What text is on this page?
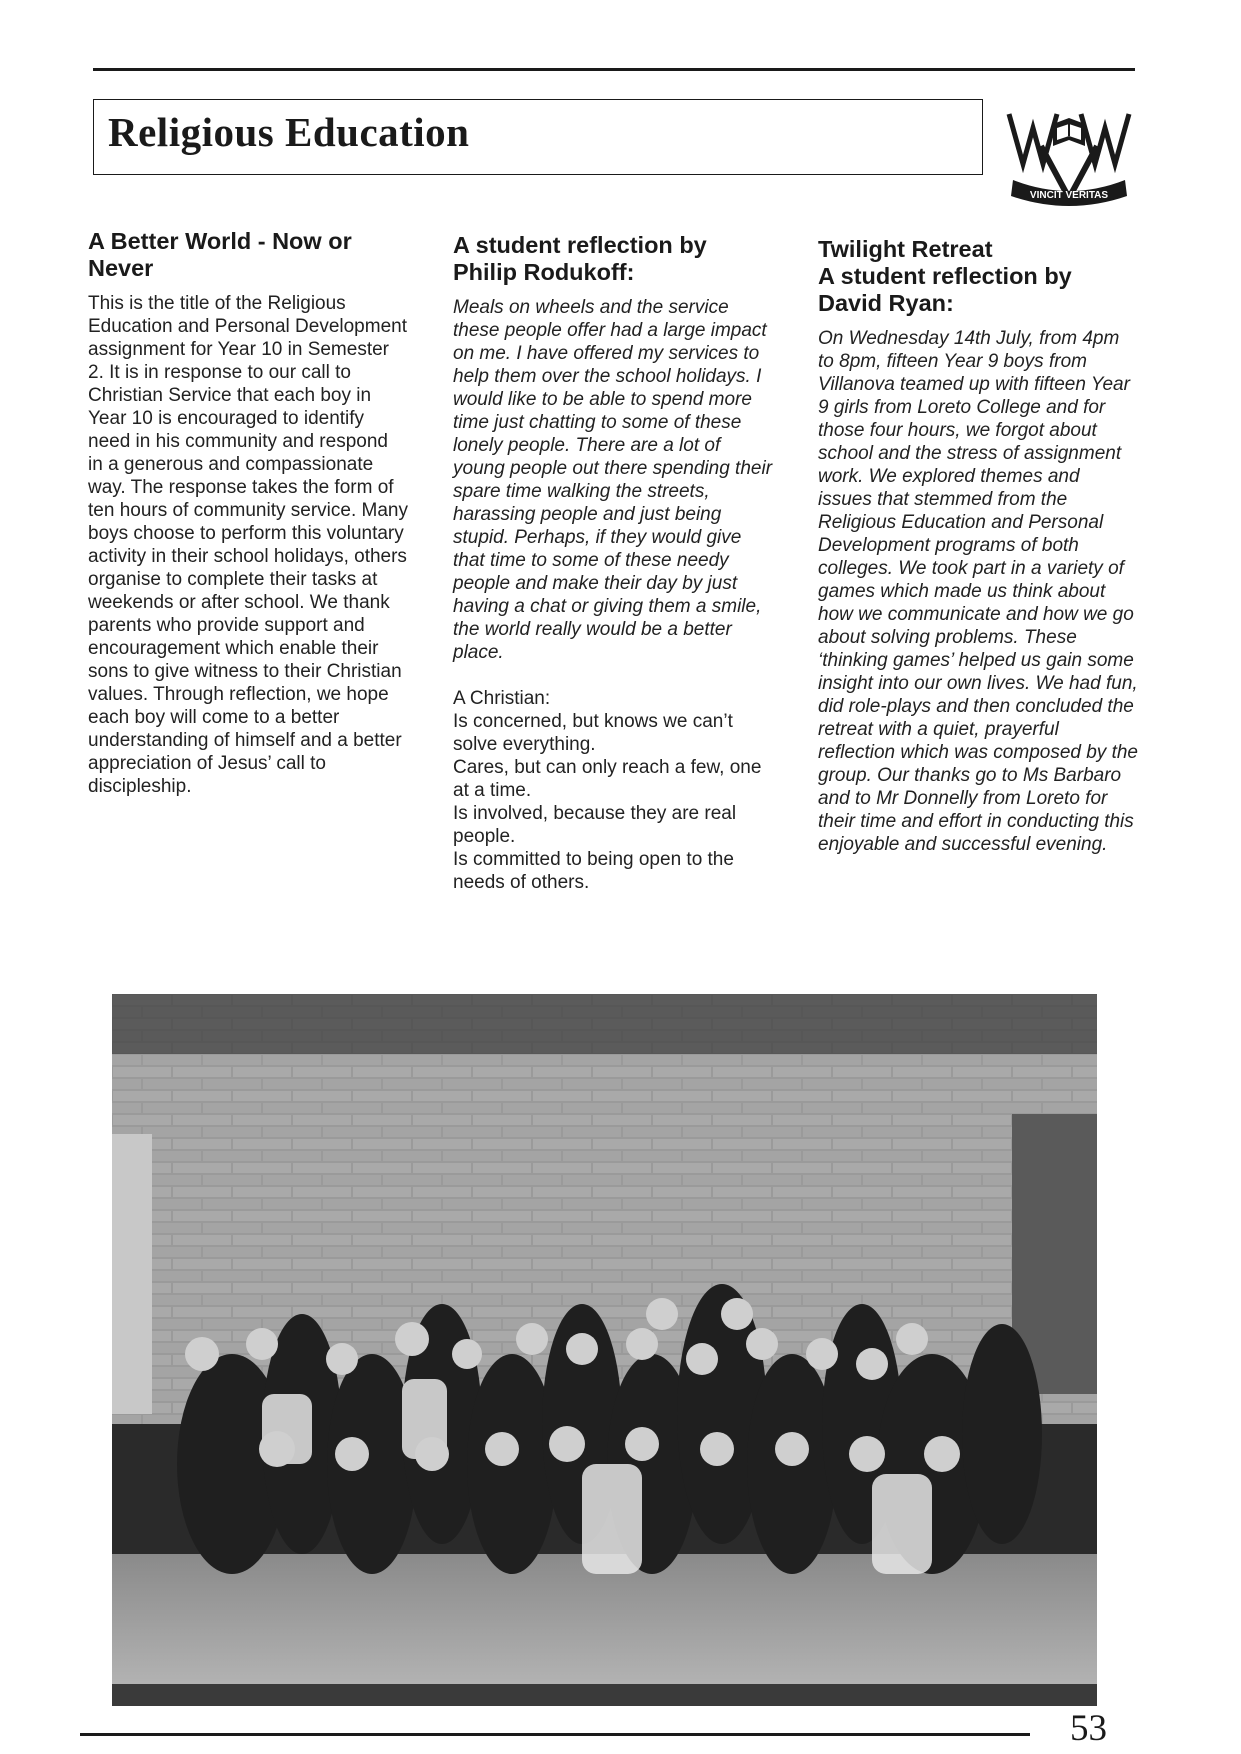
Religious Education
VINCIT VERITAS
A Better World - Now or Never

This is the title of the Religious Education and Personal Development assignment for Year 10 in Semester 2. It is in response to our call to Christian Service that each boy in Year 10 is encouraged to identify need in his community and respond in a generous and compassionate way. The response takes the form of ten hours of community service. Many boys choose to perform this voluntary activity in their school holidays, others organise to complete their tasks at weekends or after school. We thank parents who provide support and encouragement which enable their sons to give witness to their Christian values. Through reflection, we hope each boy will come to a better understanding of himself and a better appreciation of Jesus’ call to discipleship.

A student reflection by Philip Rodukoff:

Meals on wheels and the service these people offer had a large impact on me. I have offered my services to help them over the school holidays. I would like to be able to spend more time just chatting to some of these lonely people. There are a lot of young people out there spending their spare time walking the streets, harassing people and just being stupid. Perhaps, if they would give that time to some of these needy people and make their day by just having a chat or giving them a smile, the world really would be a better place.

A Christian:
Is concerned, but knows we can’t solve everything.
Cares, but can only reach a few, one at a time.
Is involved, because they are real people.
Is committed to being open to the needs of others.
Twilight Retreat
A student reflection by David Ryan:

On Wednesday 14th July, from 4pm to 8pm, fifteen Year 9 boys from Villanova teamed up with fifteen Year 9 girls from Loreto College and for those four hours, we forgot about school and the stress of assignment work. We explored themes and issues that stemmed from the Religious Education and Personal Development programs of both colleges. We took part in a variety of games which made us think about how we communicate and how we go about solving problems. These ‘thinking games’ helped us gain some insight into our own lives. We had fun, did role-plays and then concluded the retreat with a quiet, prayerful reflection which was composed by the group. Our thanks go to Ms Barbaro and to Mr Donnelly from Loreto for their time and effort in conducting this enjoyable and successful evening.

53
